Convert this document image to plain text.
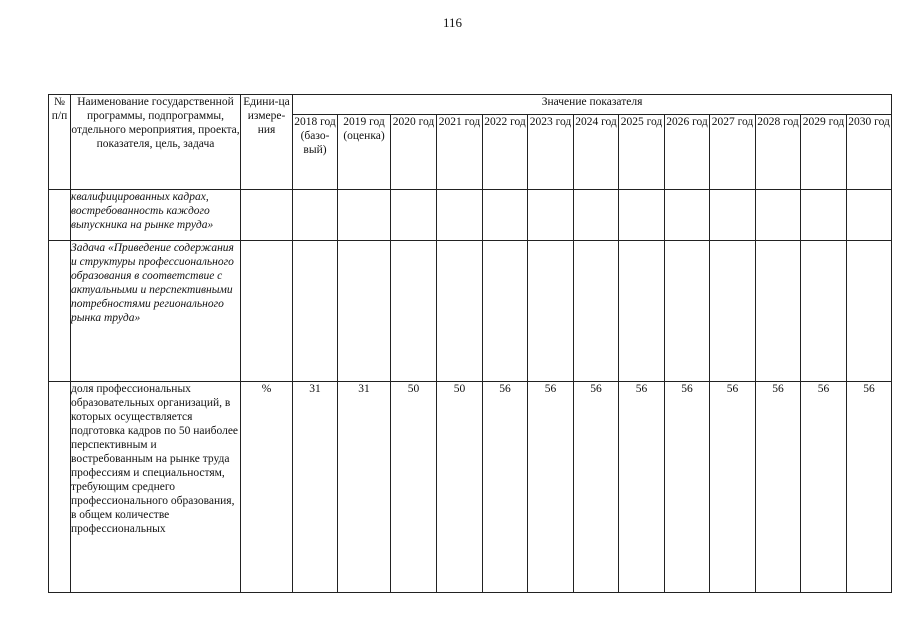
116
№ п/п	Наименование государственной программы, подпрограммы, отдельного мероприятия, проекта, показателя, цель, задача	Едини-ца измере-ния	Значение показателя												
			2018 год (базо-вый)	2019 год (оценка)	2020 год	2021 год	2022 год	2023 год	2024 год	2025 год	2026 год	2027 год	2028 год	2029 год	2030 год
	квалифицированных кадрах, востребованность каждого выпускника на рынке труда»														
	Задача «Приведение содержания и структуры профессионального образования в соответствие с актуальными и перспективными потребностями регионального рынка труда»														
	доля профессиональных образовательных организаций, в которых осуществляется подготовка кадров по 50 наиболее перспективным и востребованным на рынке труда профессиям и специальностям, требующим среднего профессионального образования, в общем количестве профессиональных	%	31	31	50	50	56	56	56	56	56	56	56	56	56
